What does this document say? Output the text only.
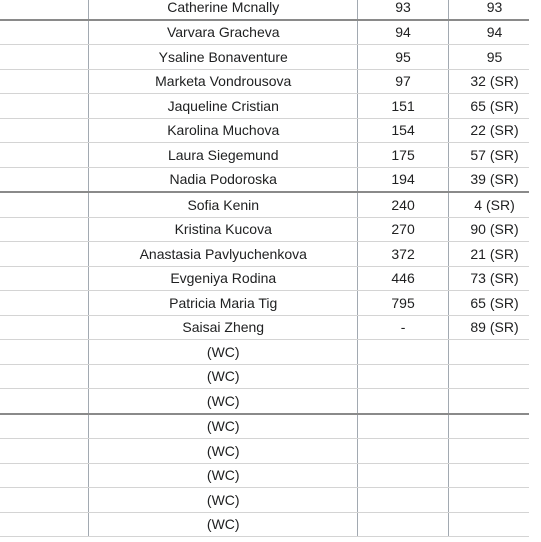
	Catherine Mcnally	93	93
	Varvara Gracheva	94	94
	Ysaline Bonaventure	95	95
	Marketa Vondrousova	97	32 (SR)
	Jaqueline Cristian	151	65 (SR)
	Karolina Muchova	154	22 (SR)
	Laura Siegemund	175	57 (SR)
	Nadia Podoroska	194	39 (SR)
	Sofia Kenin	240	4 (SR)
	Kristina Kucova	270	90 (SR)
	Anastasia Pavlyuchenkova	372	21 (SR)
	Evgeniya Rodina	446	73 (SR)
	Patricia Maria Tig	795	65 (SR)
	Saisai Zheng	-	89 (SR)
	(WC)		
	(WC)		
	(WC)		
	(WC)		
	(WC)		
	(WC)		
	(WC)		
	(WC)		
